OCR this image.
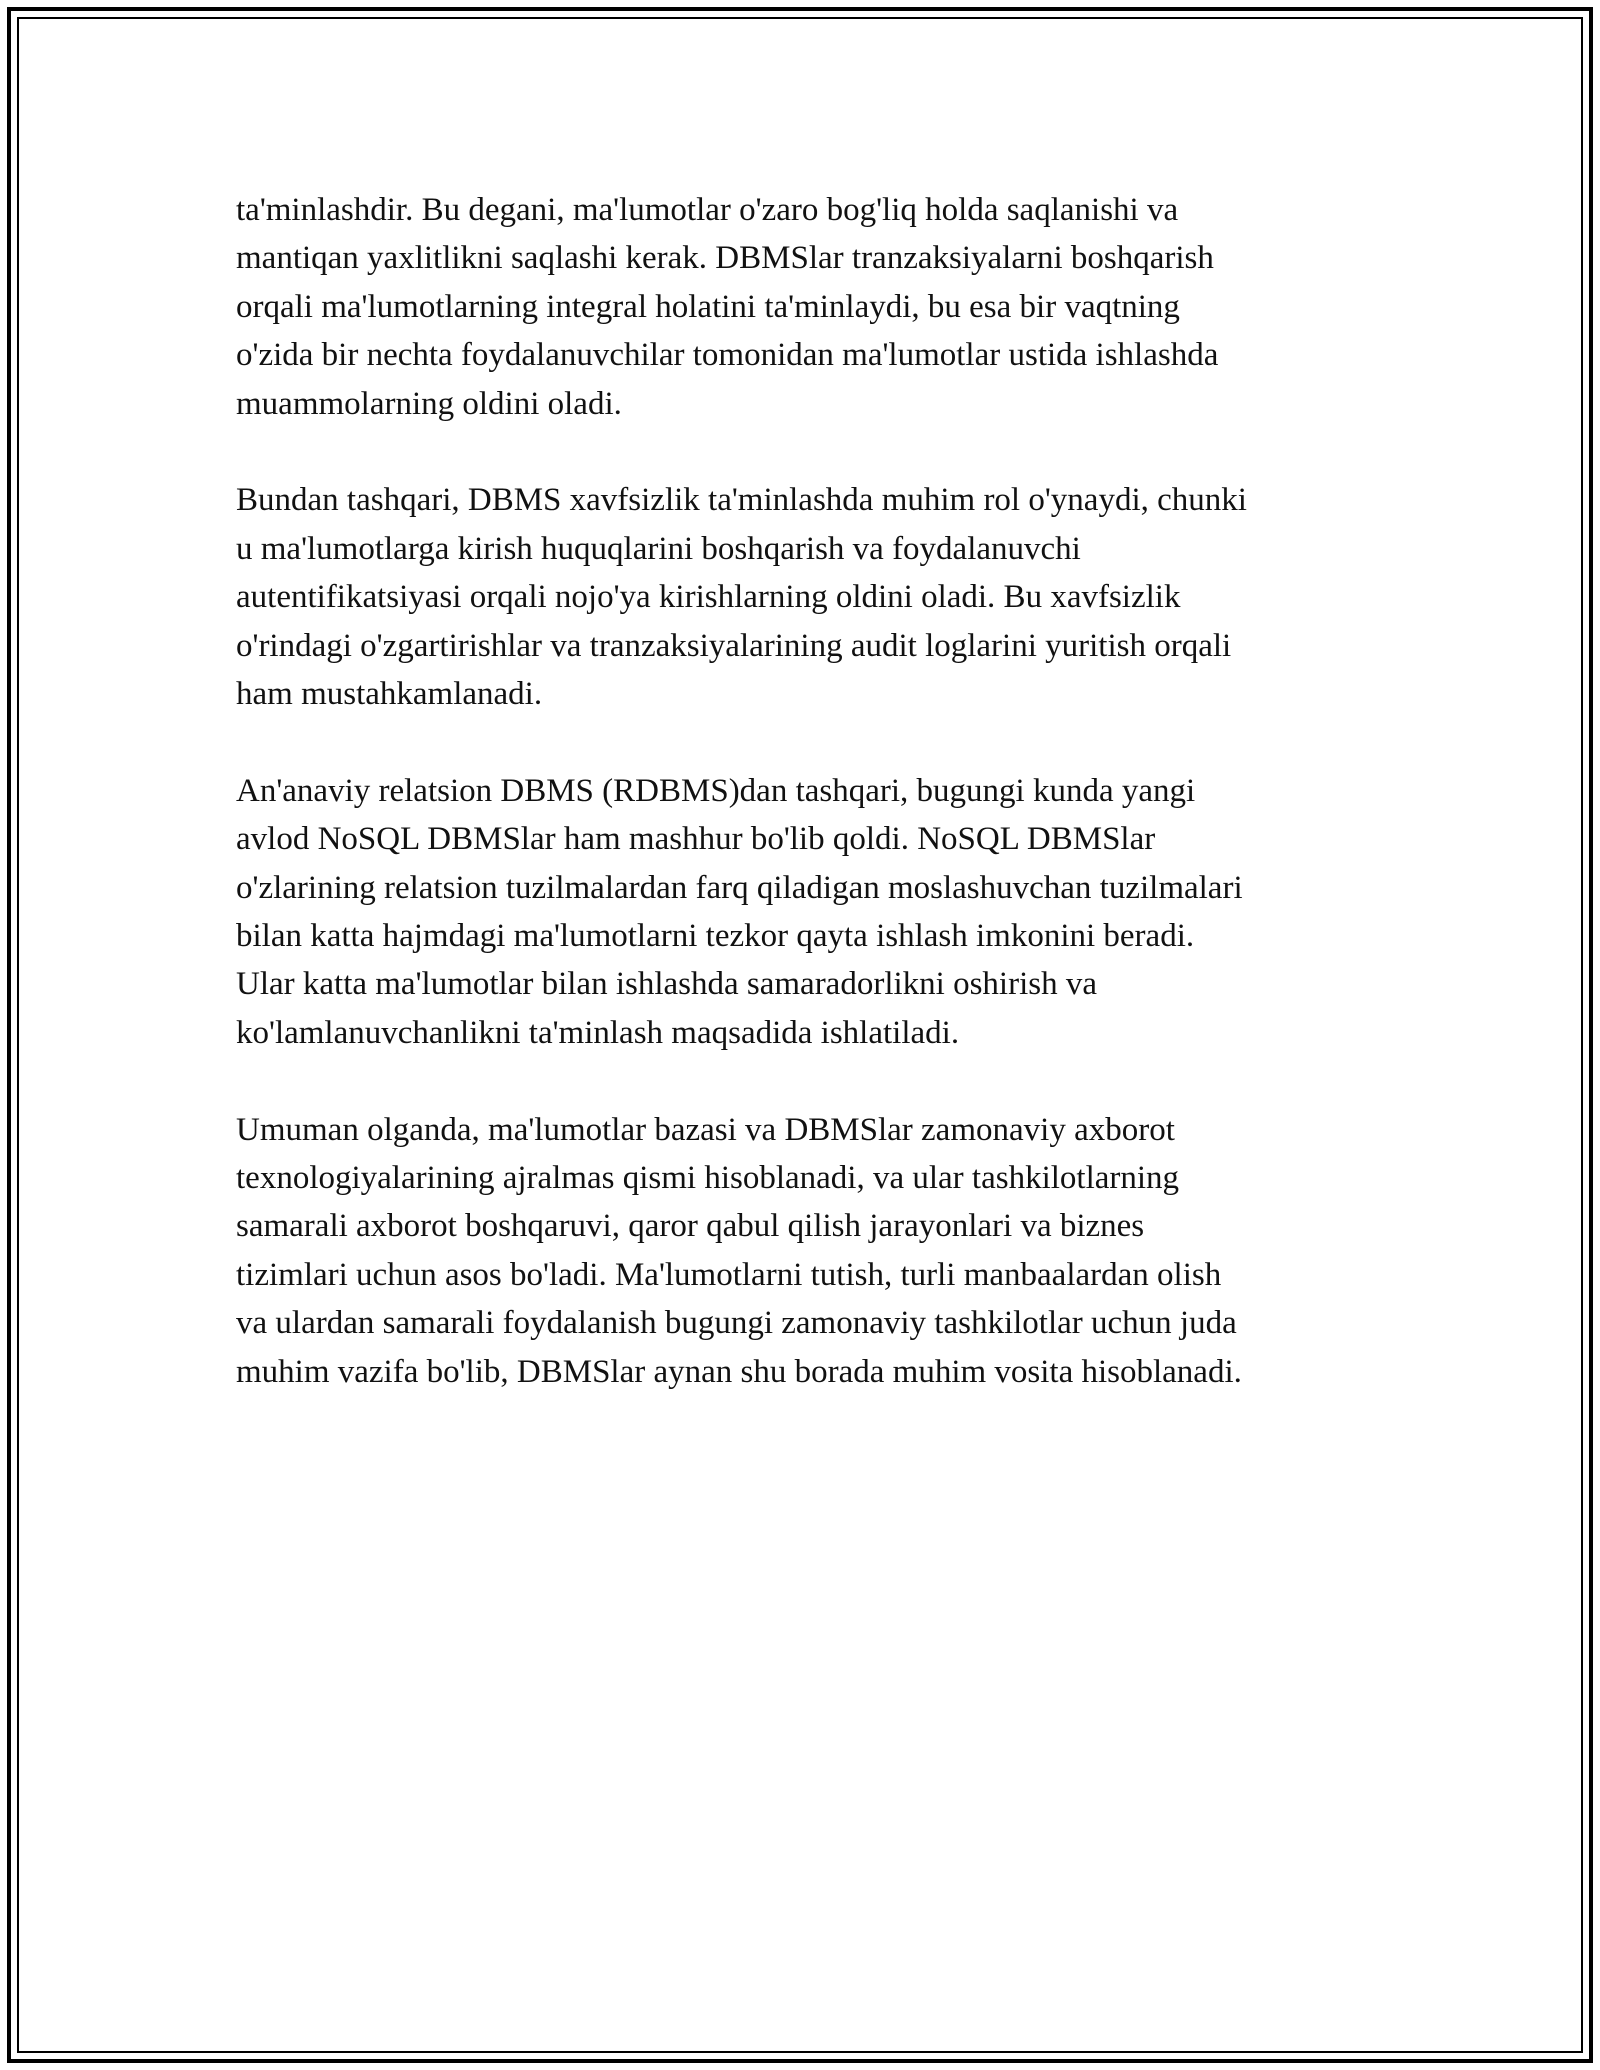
ta'minlashdir. Bu degani, ma'lumotlar o'zaro bog'liq holda saqlanishi va
mantiqan yaxlitlikni saqlashi kerak. DBMSlar tranzaksiyalarni boshqarish
orqali ma'lumotlarning integral holatini ta'minlaydi, bu esa bir vaqtning
o'zida bir nechta foydalanuvchilar tomonidan ma'lumotlar ustida ishlashda
muammolarning oldini oladi.

Bundan tashqari, DBMS xavfsizlik ta'minlashda muhim rol o'ynaydi, chunki
u ma'lumotlarga kirish huquqlarini boshqarish va foydalanuvchi
autentifikatsiyasi orqali nojo'ya kirishlarning oldini oladi. Bu xavfsizlik
o'rindagi o'zgartirishlar va tranzaksiyalarining audit loglarini yuritish orqali
ham mustahkamlanadi.

An'anaviy relatsion DBMS (RDBMS)dan tashqari, bugungi kunda yangi
avlod NoSQL DBMSlar ham mashhur bo'lib qoldi. NoSQL DBMSlar
o'zlarining relatsion tuzilmalardan farq qiladigan moslashuvchan tuzilmalari
bilan katta hajmdagi ma'lumotlarni tezkor qayta ishlash imkonini beradi.
Ular katta ma'lumotlar bilan ishlashda samaradorlikni oshirish va
ko'lamlanuvchanlikni ta'minlash maqsadida ishlatiladi.

Umuman olganda, ma'lumotlar bazasi va DBMSlar zamonaviy axborot
texnologiyalarining ajralmas qismi hisoblanadi, va ular tashkilotlarning
samarali axborot boshqaruvi, qaror qabul qilish jarayonlari va biznes
tizimlari uchun asos bo'ladi. Ma'lumotlarni tutish, turli manbaalardan olish
va ulardan samarali foydalanish bugungi zamonaviy tashkilotlar uchun juda
muhim vazifa bo'lib, DBMSlar aynan shu borada muhim vosita hisoblanadi.
